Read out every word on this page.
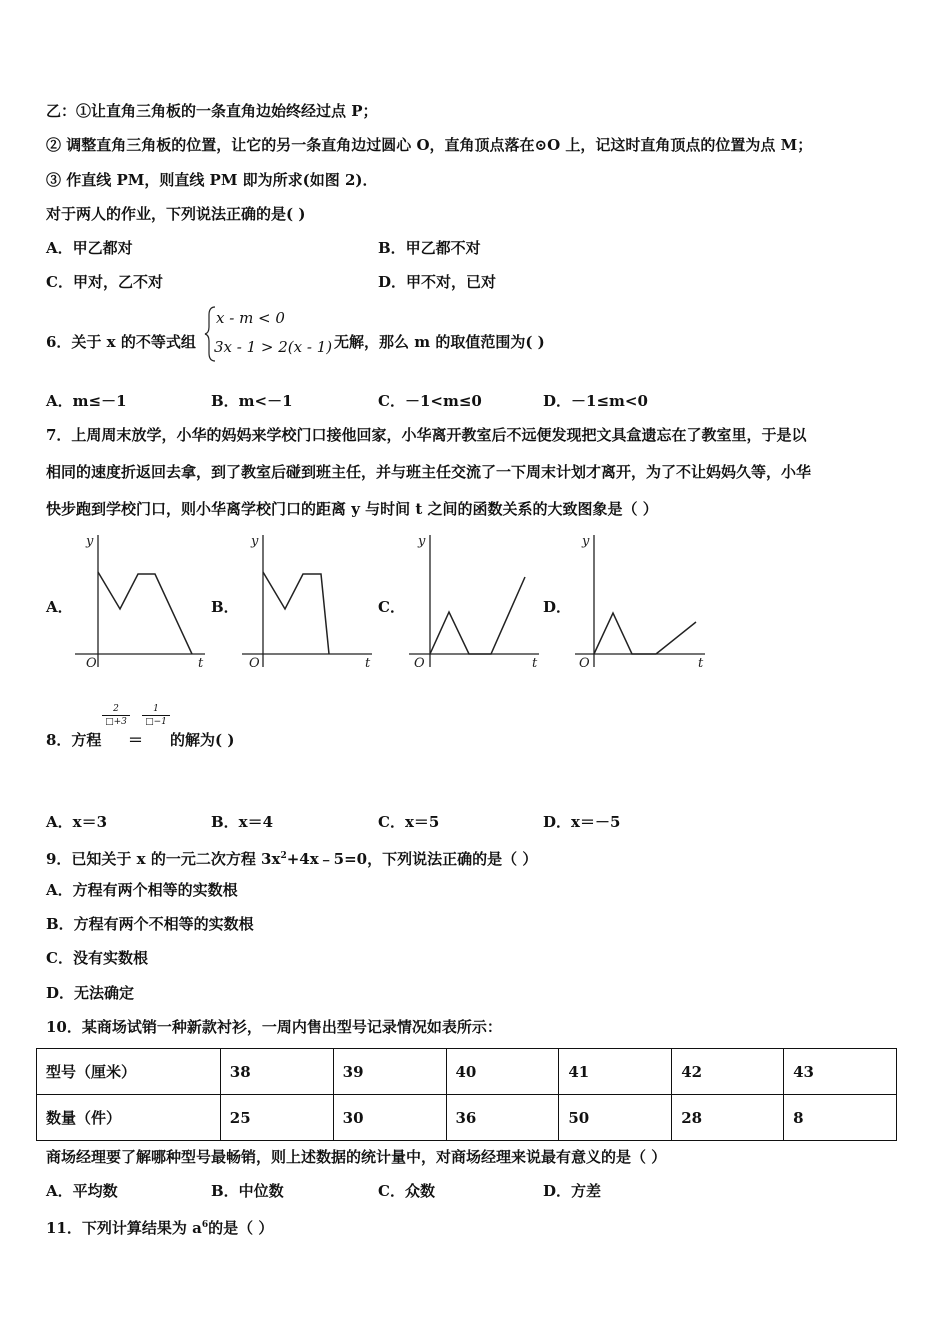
乙：①让直角三角板的一条直角边始终经过点 P；
② 调整直角三角板的位置，让它的另一条直角边过圆心 O，直角顶点落在⊙O 上，记这时直角顶点的位置为点 M；
③ 作直线 PM，则直线 PM 即为所求(如图 2)．
对于两人的作业，下列说法正确的是( )
A．甲乙都对	B．甲乙都不对
C．甲对，乙不对	D．甲不对，已对
6．关于 x 的不等式组
x - m < 0
3x - 1 > 2(x - 1) 无解，那么 m 的取值范围为( )
A．m≤－1	B．m<－1	C．－1<m≤0	D．－1≤m<0
7．上周周末放学，小华的妈妈来学校门口接他回家，小华离开教室后不远便发现把文具盒遗忘在了教室里，于是以
相同的速度折返回去拿，到了教室后碰到班主任，并与班主任交流了一下周末计划才离开，为了不让妈妈久等，小华
快步跑到学校门口，则小华离学校门口的距离 y 与时间 t 之间的函数关系的大致图象是（ ）
A．
y
O	t
B．
y
O	t
C．
y
O	t
D．
y
O	t
8．方程
$\frac{2}{□+3}$
＝
$\frac{1}{□-1}$
的解为( )
A．x＝3	B．x＝4	C．x＝5	D．x＝－5
9．已知关于 x 的一元二次方程 $3x^2+4x﹣5=0$，下列说法正确的是（ ）
A．方程有两个相等的实数根
B．方程有两个不相等的实数根
C．没有实数根
D．无法确定
10．某商场试销一种新款衬衫，一周内售出型号记录情况如表所示：
型号（厘米）	38	39	40	41	42	43
数量（件）	25	30	36	50	28	8
商场经理要了解哪种型号最畅销，则上述数据的统计量中，对商场经理来说最有意义的是（ ）
A．平均数	B．中位数	C．众数	D．方差
11．下列计算结果为 $a^6$的是（ ）
